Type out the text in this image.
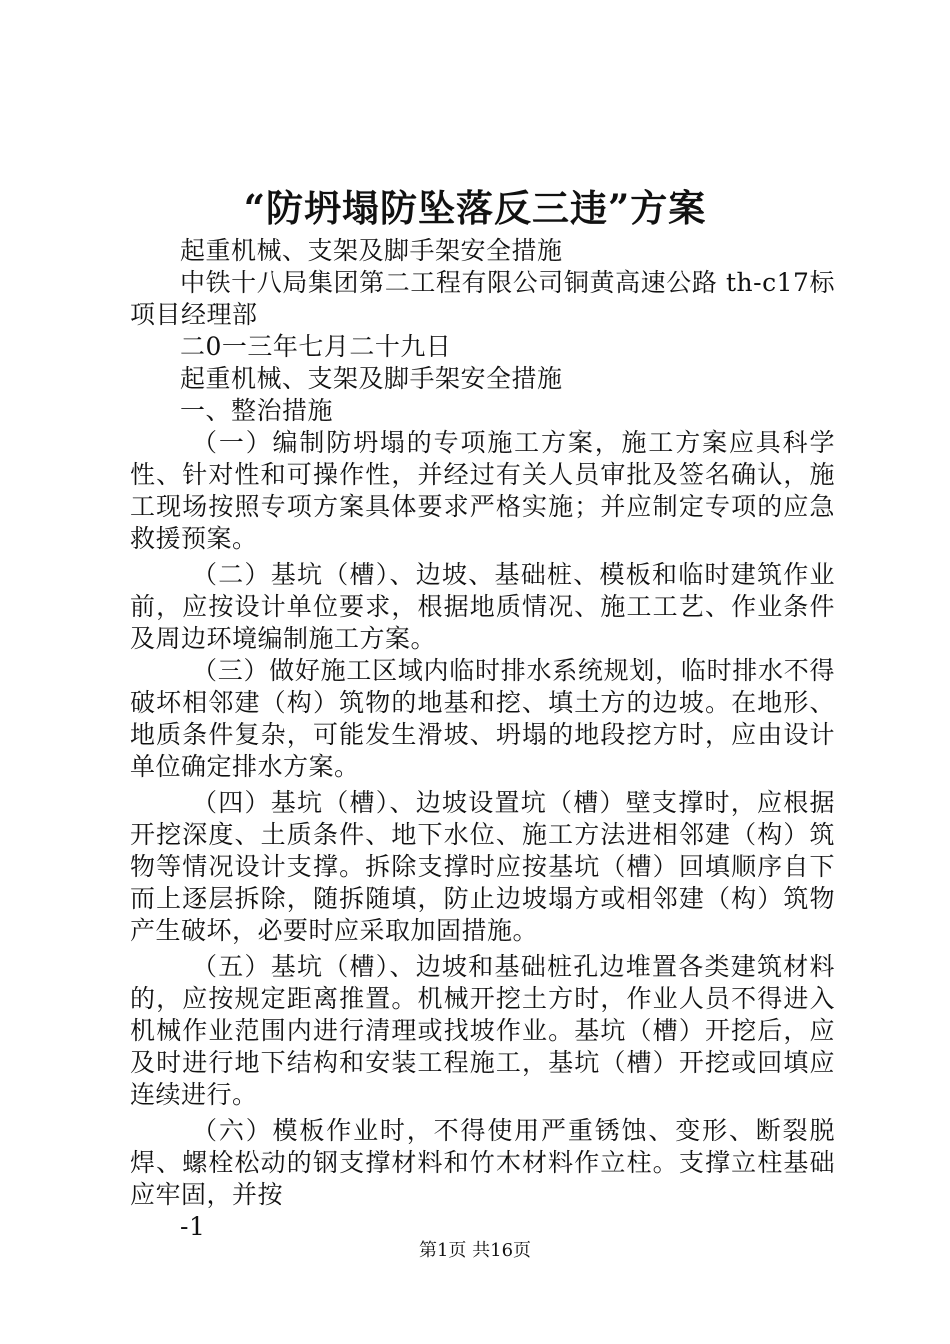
“防坍塌防坠落反三违”方案

起重机械、支架及脚手架安全措施

中铁十八局集团第二工程有限公司铜黄高速公路 th-c17标项目经理部

二0一三年七月二十九日

起重机械、支架及脚手架安全措施

一、整治措施

（一）编制防坍塌的专项施工方案，施工方案应具科学性、针对性和可操作性，并经过有关人员审批及签名确认，施工现场按照专项方案具体要求严格实施；并应制定专项的应急救援预案。

（二）基坑（槽）、边坡、基础桩、模板和临时建筑作业前，应按设计单位要求，根据地质情况、施工工艺、作业条件及周边环境编制施工方案。

（三）做好施工区域内临时排水系统规划，临时排水不得破坏相邻建（构）筑物的地基和挖、填土方的边坡。在地形、地质条件复杂，可能发生滑坡、坍塌的地段挖方时，应由设计单位确定排水方案。

（四）基坑（槽）、边坡设置坑（槽）壁支撑时，应根据开挖深度、土质条件、地下水位、施工方法进相邻建（构）筑物等情况设计支撑。拆除支撑时应按基坑（槽）回填顺序自下而上逐层拆除，随拆随填，防止边坡塌方或相邻建（构）筑物产生破坏，必要时应采取加固措施。

（五）基坑（槽）、边坡和基础桩孔边堆置各类建筑材料的，应按规定距离推置。机械开挖土方时，作业人员不得进入机械作业范围内进行清理或找坡作业。基坑（槽）开挖后，应及时进行地下结构和安装工程施工，基坑（槽）开挖或回填应连续进行。

（六）模板作业时，不得使用严重锈蚀、变形、断裂脱焊、螺栓松动的钢支撑材料和竹木材料作立柱。支撑立柱基础应牢固，并按

-1

第1页 共16页
